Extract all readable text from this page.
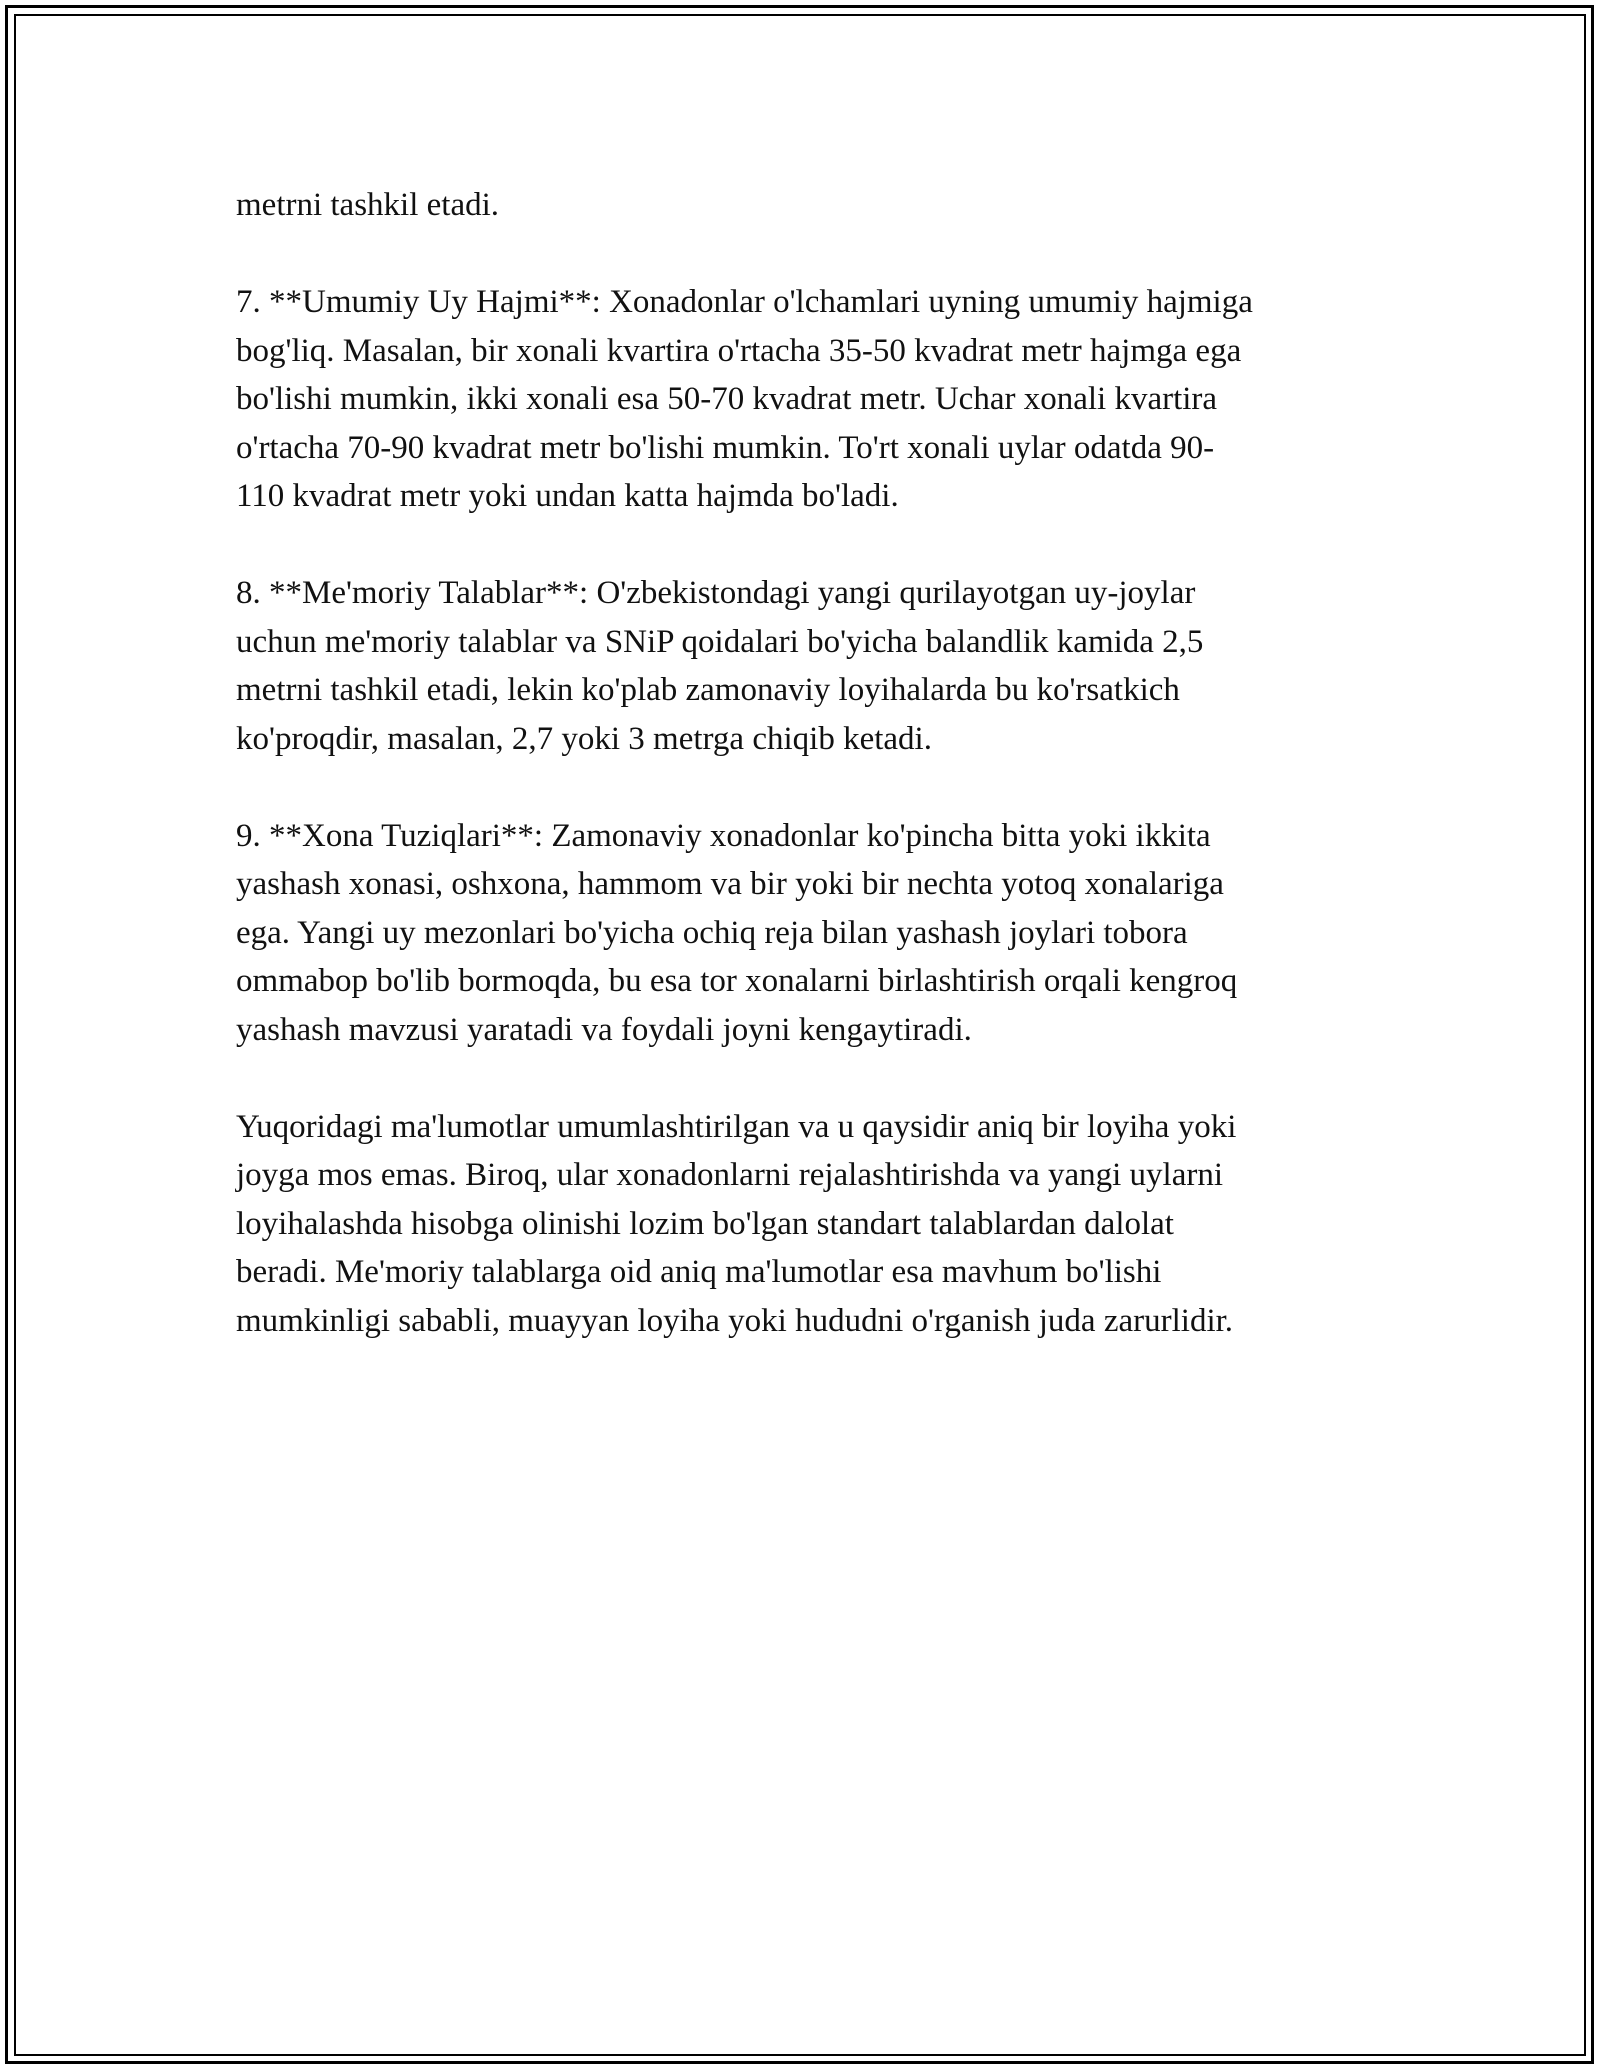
metrni tashkil etadi.
7. **Umumiy Uy Hajmi**: Xonadonlar o'lchamlari uyning umumiy hajmiga
bog'liq. Masalan, bir xonali kvartira o'rtacha 35-50 kvadrat metr hajmga ega
bo'lishi mumkin, ikki xonali esa 50-70 kvadrat metr. Uchar xonali kvartira
o'rtacha 70-90 kvadrat metr bo'lishi mumkin. To'rt xonali uylar odatda 90-
110 kvadrat metr yoki undan katta hajmda bo'ladi.
8. **Me'moriy Talablar**: O'zbekistondagi yangi qurilayotgan uy-joylar
uchun me'moriy talablar va SNiP qoidalari bo'yicha balandlik kamida 2,5
metrni tashkil etadi, lekin ko'plab zamonaviy loyihalarda bu ko'rsatkich
ko'proqdir, masalan, 2,7 yoki 3 metrga chiqib ketadi.
9. **Xona Tuziqlari**: Zamonaviy xonadonlar ko'pincha bitta yoki ikkita
yashash xonasi, oshxona, hammom va bir yoki bir nechta yotoq xonalariga
ega. Yangi uy mezonlari bo'yicha ochiq reja bilan yashash joylari tobora
ommabop bo'lib bormoqda, bu esa tor xonalarni birlashtirish orqali kengroq
yashash mavzusi yaratadi va foydali joyni kengaytiradi.
Yuqoridagi ma'lumotlar umumlashtirilgan va u qaysidir aniq bir loyiha yoki
joyga mos emas. Biroq, ular xonadonlarni rejalashtirishda va yangi uylarni
loyihalashda hisobga olinishi lozim bo'lgan standart talablardan dalolat
beradi. Me'moriy talablarga oid aniq ma'lumotlar esa mavhum bo'lishi
mumkinligi sababli, muayyan loyiha yoki hududni o'rganish juda zarurlidir.
